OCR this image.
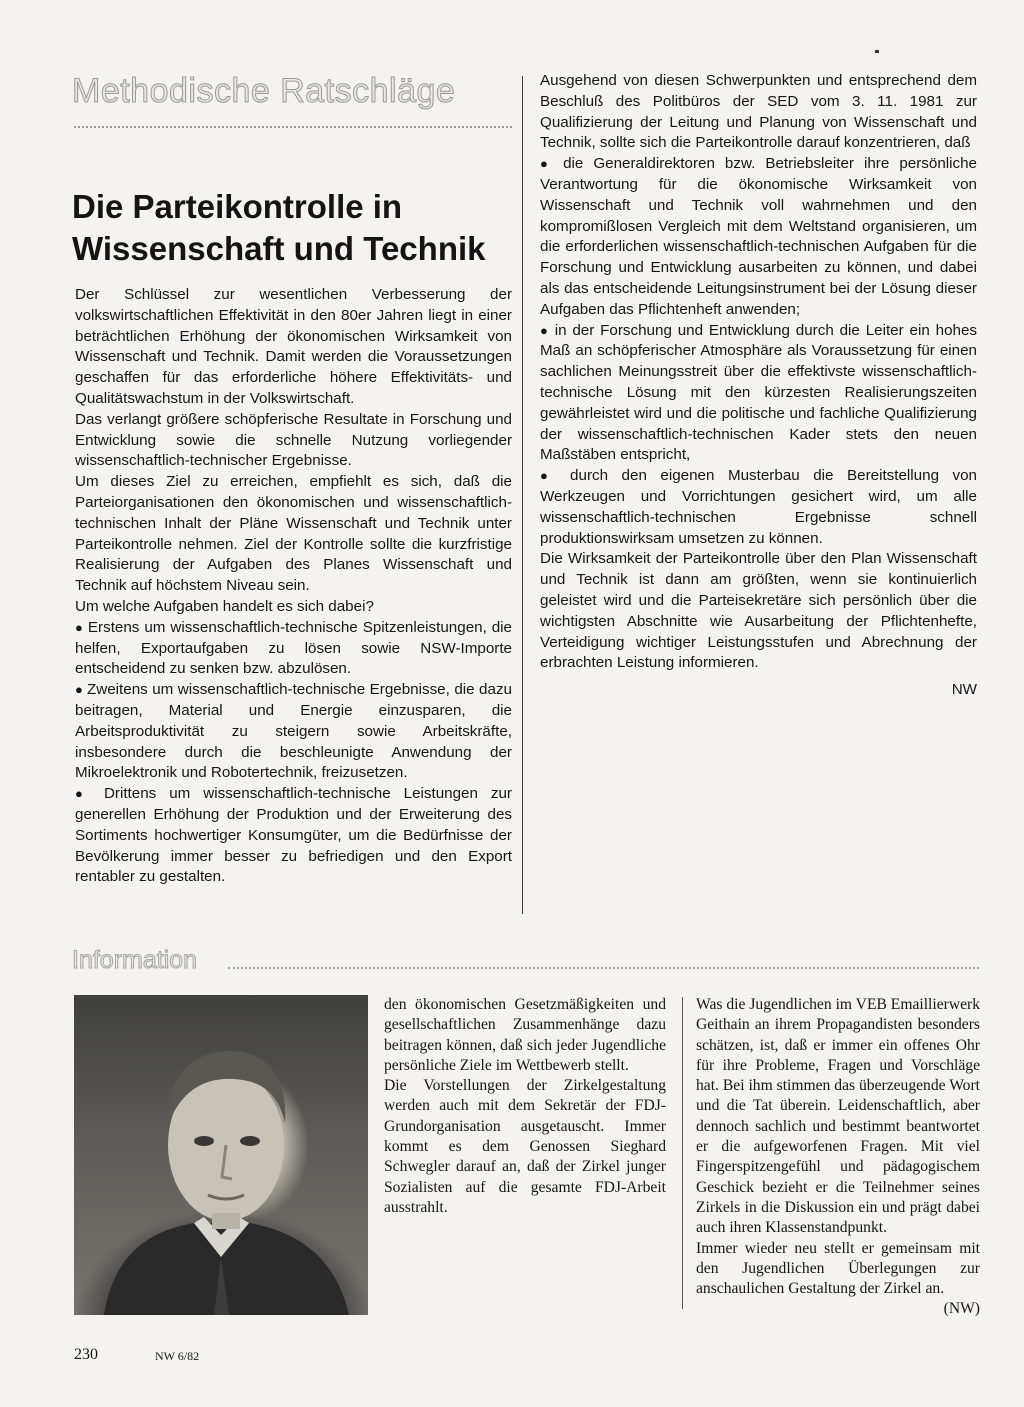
Methodische Ratschläge
Die Parteikontrolle in Wissenschaft und Technik

Der Schlüssel zur wesentlichen Verbesserung der volkswirtschaftlichen Effektivität in den 80er Jahren liegt in einer beträchtlichen Erhöhung der ökonomischen Wirksamkeit von Wissenschaft und Technik. Damit werden die Voraussetzungen geschaffen für das erforderliche höhere Effektivitäts- und Qualitätswachstum in der Volkswirtschaft.

Das verlangt größere schöpferische Resultate in Forschung und Entwicklung sowie die schnelle Nutzung vorliegender wissenschaftlich-technischer Ergebnisse.

Um dieses Ziel zu erreichen, empfiehlt es sich, daß die Parteiorganisationen den ökonomischen und wissenschaftlich-technischen Inhalt der Pläne Wissenschaft und Technik unter Parteikontrolle nehmen. Ziel der Kontrolle sollte die kurzfristige Realisierung der Aufgaben des Planes Wissenschaft und Technik auf höchstem Niveau sein.

Um welche Aufgaben handelt es sich dabei?

● Erstens um wissenschaftlich-technische Spitzenleistungen, die helfen, Exportaufgaben zu lösen sowie NSW-Importe entscheidend zu senken bzw. abzulösen.

● Zweitens um wissenschaftlich-technische Ergebnisse, die dazu beitragen, Material und Energie einzusparen, die Arbeitsproduktivität zu steigern sowie Arbeitskräfte, insbesondere durch die beschleunigte Anwendung der Mikroelektronik und Robotertechnik, freizusetzen.

● Drittens um wissenschaftlich-technische Leistungen zur generellen Erhöhung der Produktion und der Erweiterung des Sortiments hochwertiger Konsumgüter, um die Bedürfnisse der Bevölkerung immer besser zu befriedigen und den Export rentabler zu gestalten.

Ausgehend von diesen Schwerpunkten und entsprechend dem Beschluß des Politbüros der SED vom 3. 11. 1981 zur Qualifizierung der Leitung und Planung von Wissenschaft und Technik, sollte sich die Parteikontrolle darauf konzentrieren, daß

● die Generaldirektoren bzw. Betriebsleiter ihre persönliche Verantwortung für die ökonomische Wirksamkeit von Wissenschaft und Technik voll wahrnehmen und den kompromißlosen Vergleich mit dem Weltstand organisieren, um die erforderlichen wissenschaftlich-technischen Aufgaben für die Forschung und Entwicklung ausarbeiten zu können, und dabei als das entscheidende Leitungsinstrument bei der Lösung dieser Aufgaben das Pflichtenheft anwenden;

● in der Forschung und Entwicklung durch die Leiter ein hohes Maß an schöpferischer Atmosphäre als Voraussetzung für einen sachlichen Meinungsstreit über die effektivste wissenschaftlich-technische Lösung mit den kürzesten Realisierungszeiten gewährleistet wird und die politische und fachliche Qualifizierung der wissenschaftlich-technischen Kader stets den neuen Maßstäben entspricht,

● durch den eigenen Musterbau die Bereitstellung von Werkzeugen und Vorrichtungen gesichert wird, um alle wissenschaftlich-technischen Ergebnisse schnell produktionswirksam umsetzen zu können.

Die Wirksamkeit der Parteikontrolle über den Plan Wissenschaft und Technik ist dann am größten, wenn sie kontinuierlich geleistet wird und die Parteisekretäre sich persönlich über die wichtigsten Abschnitte wie Ausarbeitung der Pflichtenhefte, Verteidigung wichtiger Leistungsstufen und Abrechnung der erbrachten Leistung informieren.

NW

Information

den ökonomischen Gesetzmäßigkeiten und gesellschaftlichen Zusammenhänge dazu beitragen können, daß sich jeder Jugendliche persönliche Ziele im Wettbewerb stellt.

Die Vorstellungen der Zirkelgestaltung werden auch mit dem Sekretär der FDJ-Grundorganisation ausgetauscht. Immer kommt es dem Genossen Sieghard Schwegler darauf an, daß der Zirkel junger Sozialisten auf die gesamte FDJ-Arbeit ausstrahlt.

Was die Jugendlichen im VEB Emaillierwerk Geithain an ihrem Propagandisten besonders schätzen, ist, daß er immer ein offenes Ohr für ihre Probleme, Fragen und Vorschläge hat. Bei ihm stimmen das überzeugende Wort und die Tat überein. Leidenschaftlich, aber dennoch sachlich und bestimmt beantwortet er die aufgeworfenen Fragen. Mit viel Fingerspitzengefühl und pädagogischem Geschick bezieht er die Teilnehmer seines Zirkels in die Diskussion ein und prägt dabei auch ihren Klassenstandpunkt.

Immer wieder neu stellt er gemeinsam mit den Jugendlichen Überlegungen zur anschaulichen Gestaltung der Zirkel an.
(NW)

230	NW 6/82
